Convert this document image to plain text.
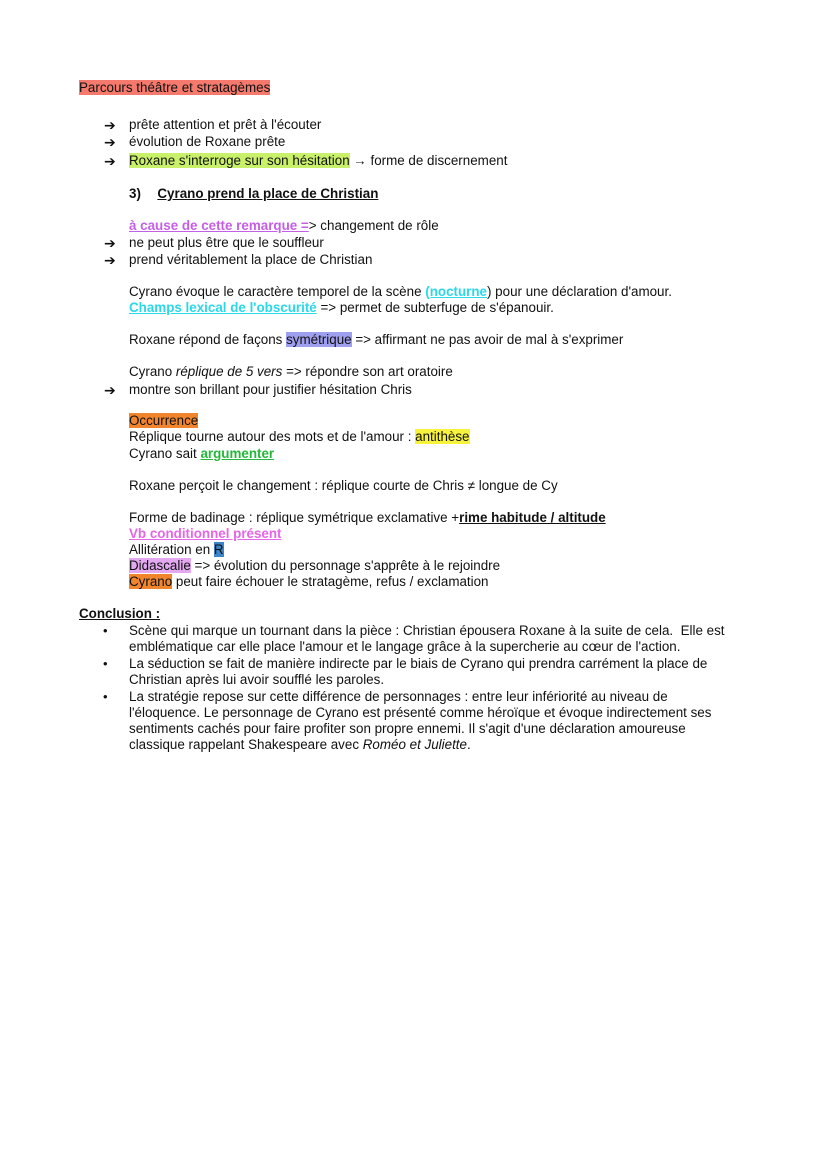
Parcours théâtre et stratagèmes
➔ prête attention et prêt à l'écouter
➔ évolution de Roxane prête
➔ Roxane s'interroge sur son hésitation → forme de discernement
3) Cyrano prend la place de Christian
à cause de cette remarque => changement de rôle
➔ ne peut plus être que le souffleur
➔ prend véritablement la place de Christian
Cyrano évoque le caractère temporel de la scène (nocturne) pour une déclaration d'amour.
Champs lexical de l'obscurité => permet de subterfuge de s'épanouir.
Roxane répond de façons symétrique => affirmant ne pas avoir de mal à s'exprimer
Cyrano réplique de 5 vers => répondre son art oratoire
➔ montre son brillant pour justifier hésitation Chris
Occurrence
Réplique tourne autour des mots et de l'amour : antithèse
Cyrano sait argumenter
Roxane perçoit le changement : réplique courte de Chris ≠ longue de Cy
Forme de badinage : réplique symétrique exclamative +rime habitude / altitude
Vb conditionnel présent
Allitération en R
Didascalie => évolution du personnage s'apprête à le rejoindre
Cyrano peut faire échouer le stratagème, refus / exclamation
Conclusion :
• Scène qui marque un tournant dans la pièce : Christian épousera Roxane à la suite de cela.  Elle est
emblématique car elle place l'amour et le langage grâce à la supercherie au cœur de l'action.
• La séduction se fait de manière indirecte par le biais de Cyrano qui prendra carrément la place de
Christian après lui avoir soufflé les paroles.
• La stratégie repose sur cette différence de personnages : entre leur infériorité au niveau de
l'éloquence. Le personnage de Cyrano est présenté comme héroïque et évoque indirectement ses
sentiments cachés pour faire profiter son propre ennemi. Il s'agit d'une déclaration amoureuse
classique rappelant Shakespeare avec Roméo et Juliette.
